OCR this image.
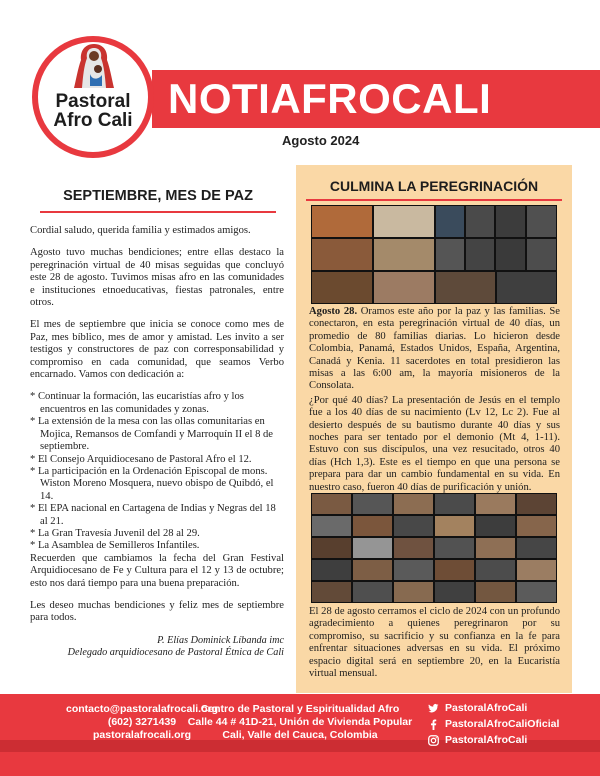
Pastoral
Afro Cali NOTIAFROCALI
Agosto 2024
SEPTIEMBRE, MES DE PAZ

Cordial saludo, querida familia y estimados amigos.

Agosto tuvo muchas bendiciones; entre ellas destaco la peregrinación virtual de 40 misas seguidas que concluyó este 28 de agosto. Tuvimos misas afro en las comunidades e instituciones etnoeducativas, fiestas patronales, entre otros.

El mes de septiembre que inicia se conoce como mes de Paz, mes bíblico, mes de amor y amistad. Les invito a ser testigos y constructores de paz con corresponsabilidad y compromiso en cada comunidad, que seamos Verbo encarnado. Vamos con dedicación a:

* Continuar la formación, las eucaristías afro y los encuentros en las comunidades y zonas.
* La extensión de la mesa con las ollas comunitarias en Mojica, Remansos de Comfandi y Marroquín II el 8 de septiembre.
* El Consejo Arquidiocesano de Pastoral Afro el 12.
* La participación en la Ordenación Episcopal de mons. Wiston Moreno Mosquera, nuevo obispo de Quibdó, el 14.
* El EPA nacional en Cartagena de Indias y Negras del 18 al 21.
* La Gran Travesía Juvenil del 28 al 29.
* La Asamblea de Semilleros Infantiles.

Recuerden que cambiamos la fecha del Gran Festival Arquidiocesano de Fe y Cultura para el 12 y 13 de octubre; esto nos dará tiempo para una buena preparación.

Les deseo muchas bendiciones y feliz mes de septiembre para todos.

P. Elías Dominick Líbanda imc
Delegado arquidiocesano de Pastoral Étnica de Cali
CULMINA LA PEREGRINACIÓN

Agosto 28. Oramos este año por la paz y las familias. Se conectaron, en esta peregrinación virtual de 40 días, un promedio de 80 familias diarias. Lo hicieron desde Colombia, Panamá, Estados Unidos, España, Argentina, Canadá y Kenia. 11 sacerdotes en total presidieron las misas a las 6:00 am, la mayoría misioneros de la Consolata.

¿Por qué 40 días? La presentación de Jesús en el templo fue a los 40 días de su nacimiento (Lv 12, Lc 2). Fue al desierto después de su bautismo durante 40 días y sus noches para ser tentado por el demonio (Mt 4, 1-11). Estuvo con sus discípulos, una vez resucitado, otros 40 días (Hch 1,3). Este es el tiempo en que una persona se prepara para dar un cambio fundamental en su vida. En nuestro caso, fueron 40 días de purificación y unión.

El 28 de agosto cerramos el ciclo de 2024 con un profundo agradecimiento a quienes peregrinaron por su compromiso, su sacrificio y su confianza en la fe para enfrentar situaciones adversas en su vida. El próximo espacio digital será en septiembre 20, en la Eucaristía virtual mensual.

contacto@pastoralafrocali.org
(602) 3271439
pastoralafrocali.org
Centro de Pastoral y Espiritualidad Afro
Calle 44 # 41D-21, Unión de Vivienda Popular
Cali, Valle del Cauca, Colombia
PastoralAfroCali
PastoralAfroCaliOficial
PastoralAfroCali
